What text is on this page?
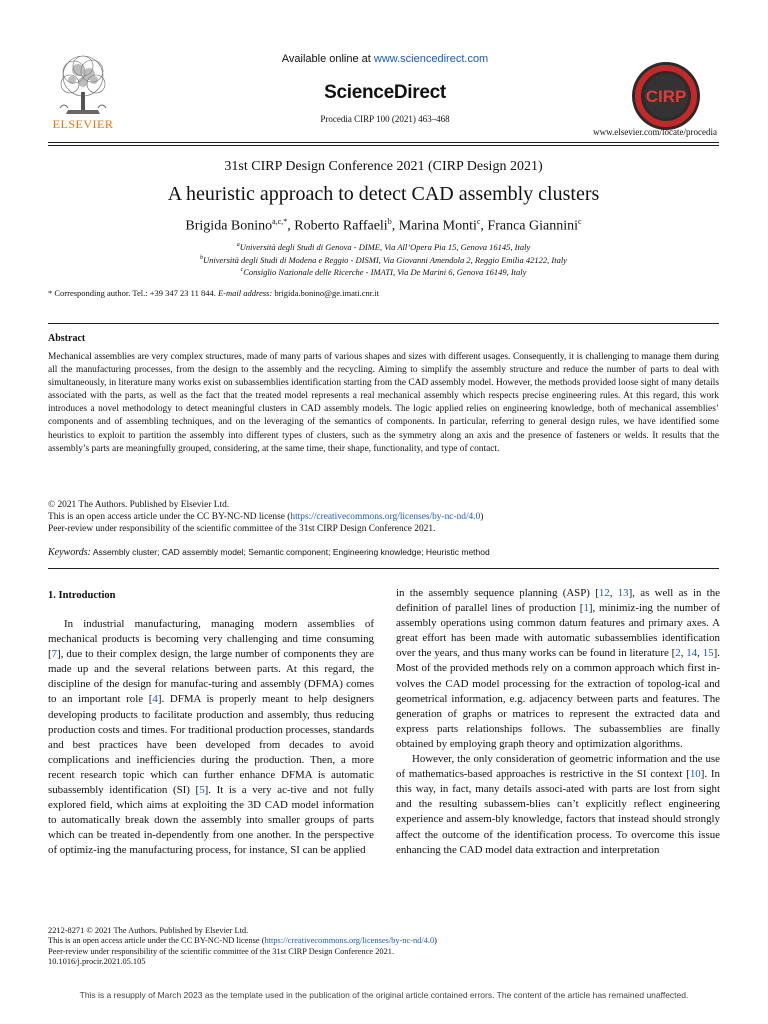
ELSEVIER
Available online at www.sciencedirect.com
ScienceDirect
Procedia CIRP 100 (2021) 463–468
CIRP
www.elsevier.com/locate/procedia
31st CIRP Design Conference 2021 (CIRP Design 2021)
A heuristic approach to detect CAD assembly clusters
Brigida Bonino$^{a,c,*}$, Roberto Raffaeli$^b$, Marina Monti$^c$, Franca Giannini$^c$
$^a$Università degli Studi di Genova - DIME, Via All’Opera Pia 15, Genova 16145, Italy
$^b$Università degli Studi di Modena e Reggio - DISMI, Via Giovanni Amendola 2, Reggio Emilia 42122, Italy
$^c$Consiglio Nazionale delle Ricerche - IMATI, Via De Marini 6, Genova 16149, Italy
* Corresponding author. Tel.: +39 347 23 11 844. E-mail address: brigida.bonino@ge.imati.cnr.it
Abstract
Mechanical assemblies are very complex structures, made of many parts of various shapes and sizes with different usages. Consequently, it is challenging to manage them during all the manufacturing processes, from the design to the assembly and the recycling. Aiming to simplify the assembly structure and reduce the number of parts to deal with simultaneously, in literature many works exist on subassemblies identification starting from the CAD assembly model. However, the methods provided loose sight of many details associated with the parts, as well as the fact that the treated model represents a real mechanical assembly which respects precise engineering rules. At this regard, this work introduces a novel methodology to detect meaningful clusters in CAD assembly models. The logic applied relies on engineering knowledge, both of mechanical assemblies’ components and of assembling techniques, and on the leveraging of the semantics of components. In particular, referring to general design rules, we have identified some heuristics to exploit to partition the assembly into different types of clusters, such as the symmetry along an axis and the presence of fasteners or welds. It results that the assembly’s parts are meaningfully grouped, considering, at the same time, their shape, functionality, and type of contact.
© 2021 The Authors. Published by Elsevier Ltd.
This is an open access article under the CC BY-NC-ND license (https://creativecommons.org/licenses/by-nc-nd/4.0)
Peer-review under responsibility of the scientific committee of the 31st CIRP Design Conference 2021.
Keywords: Assembly cluster; CAD assembly model; Semantic component; Engineering knowledge; Heuristic method
1. Introduction

In industrial manufacturing, managing modern assemblies of mechanical products is becoming very challenging and time consuming [7], due to their complex design, the large number of components they are made up and the several relations between parts. At this regard, the discipline of the design for manufac-turing and assembly (DFMA) comes to an important role [4]. DFMA is properly meant to help designers developing products to facilitate production and assembly, thus reducing production costs and times. For traditional production processes, standards and best practices have been developed from decades to avoid complications and inefficiencies during the production. Then, a more recent research topic which can further enhance DFMA is automatic subassembly identification (SI) [5]. It is a very ac-tive and not fully explored field, which aims at exploiting the 3D CAD model information to automatically break down the assembly into smaller groups of parts which can be treated in-dependently from one another. In the perspective of optimiz-ing the manufacturing process, for instance, SI can be applied

in the assembly sequence planning (ASP) [12, 13], as well as in the definition of parallel lines of production [1], minimiz-ing the number of assembly operations using common datum features and primary axes. A great effort has been made with automatic subassemblies identification over the years, and thus many works can be found in literature [2, 14, 15]. Most of the provided methods rely on a common approach which first in-volves the CAD model processing for the extraction of topolog-ical and geometrical information, e.g. adjacency between parts and features. The generation of graphs or matrices to represent the extracted data and express parts relationships follows. The subassemblies are finally obtained by employing graph theory and optimization algorithms.

However, the only consideration of geometric information and the use of mathematics-based approaches is restrictive in the SI context [10]. In this way, in fact, many details associ-ated with parts are lost from sight and the resulting subassem-blies can’t explicitly reflect engineering experience and assem-bly knowledge, factors that instead should strongly affect the outcome of the identification process. To overcome this issue enhancing the CAD model data extraction and interpretation

2212-8271 © 2021 The Authors. Published by Elsevier Ltd.
This is an open access article under the CC BY-NC-ND license (https://creativecommons.org/licenses/by-nc-nd/4.0)
Peer-review under responsibility of the scientific committee of the 31st CIRP Design Conference 2021.
10.1016/j.procir.2021.05.105
This is a resupply of March 2023 as the template used in the publication of the original article contained errors. The content of the article has remained unaffected.
